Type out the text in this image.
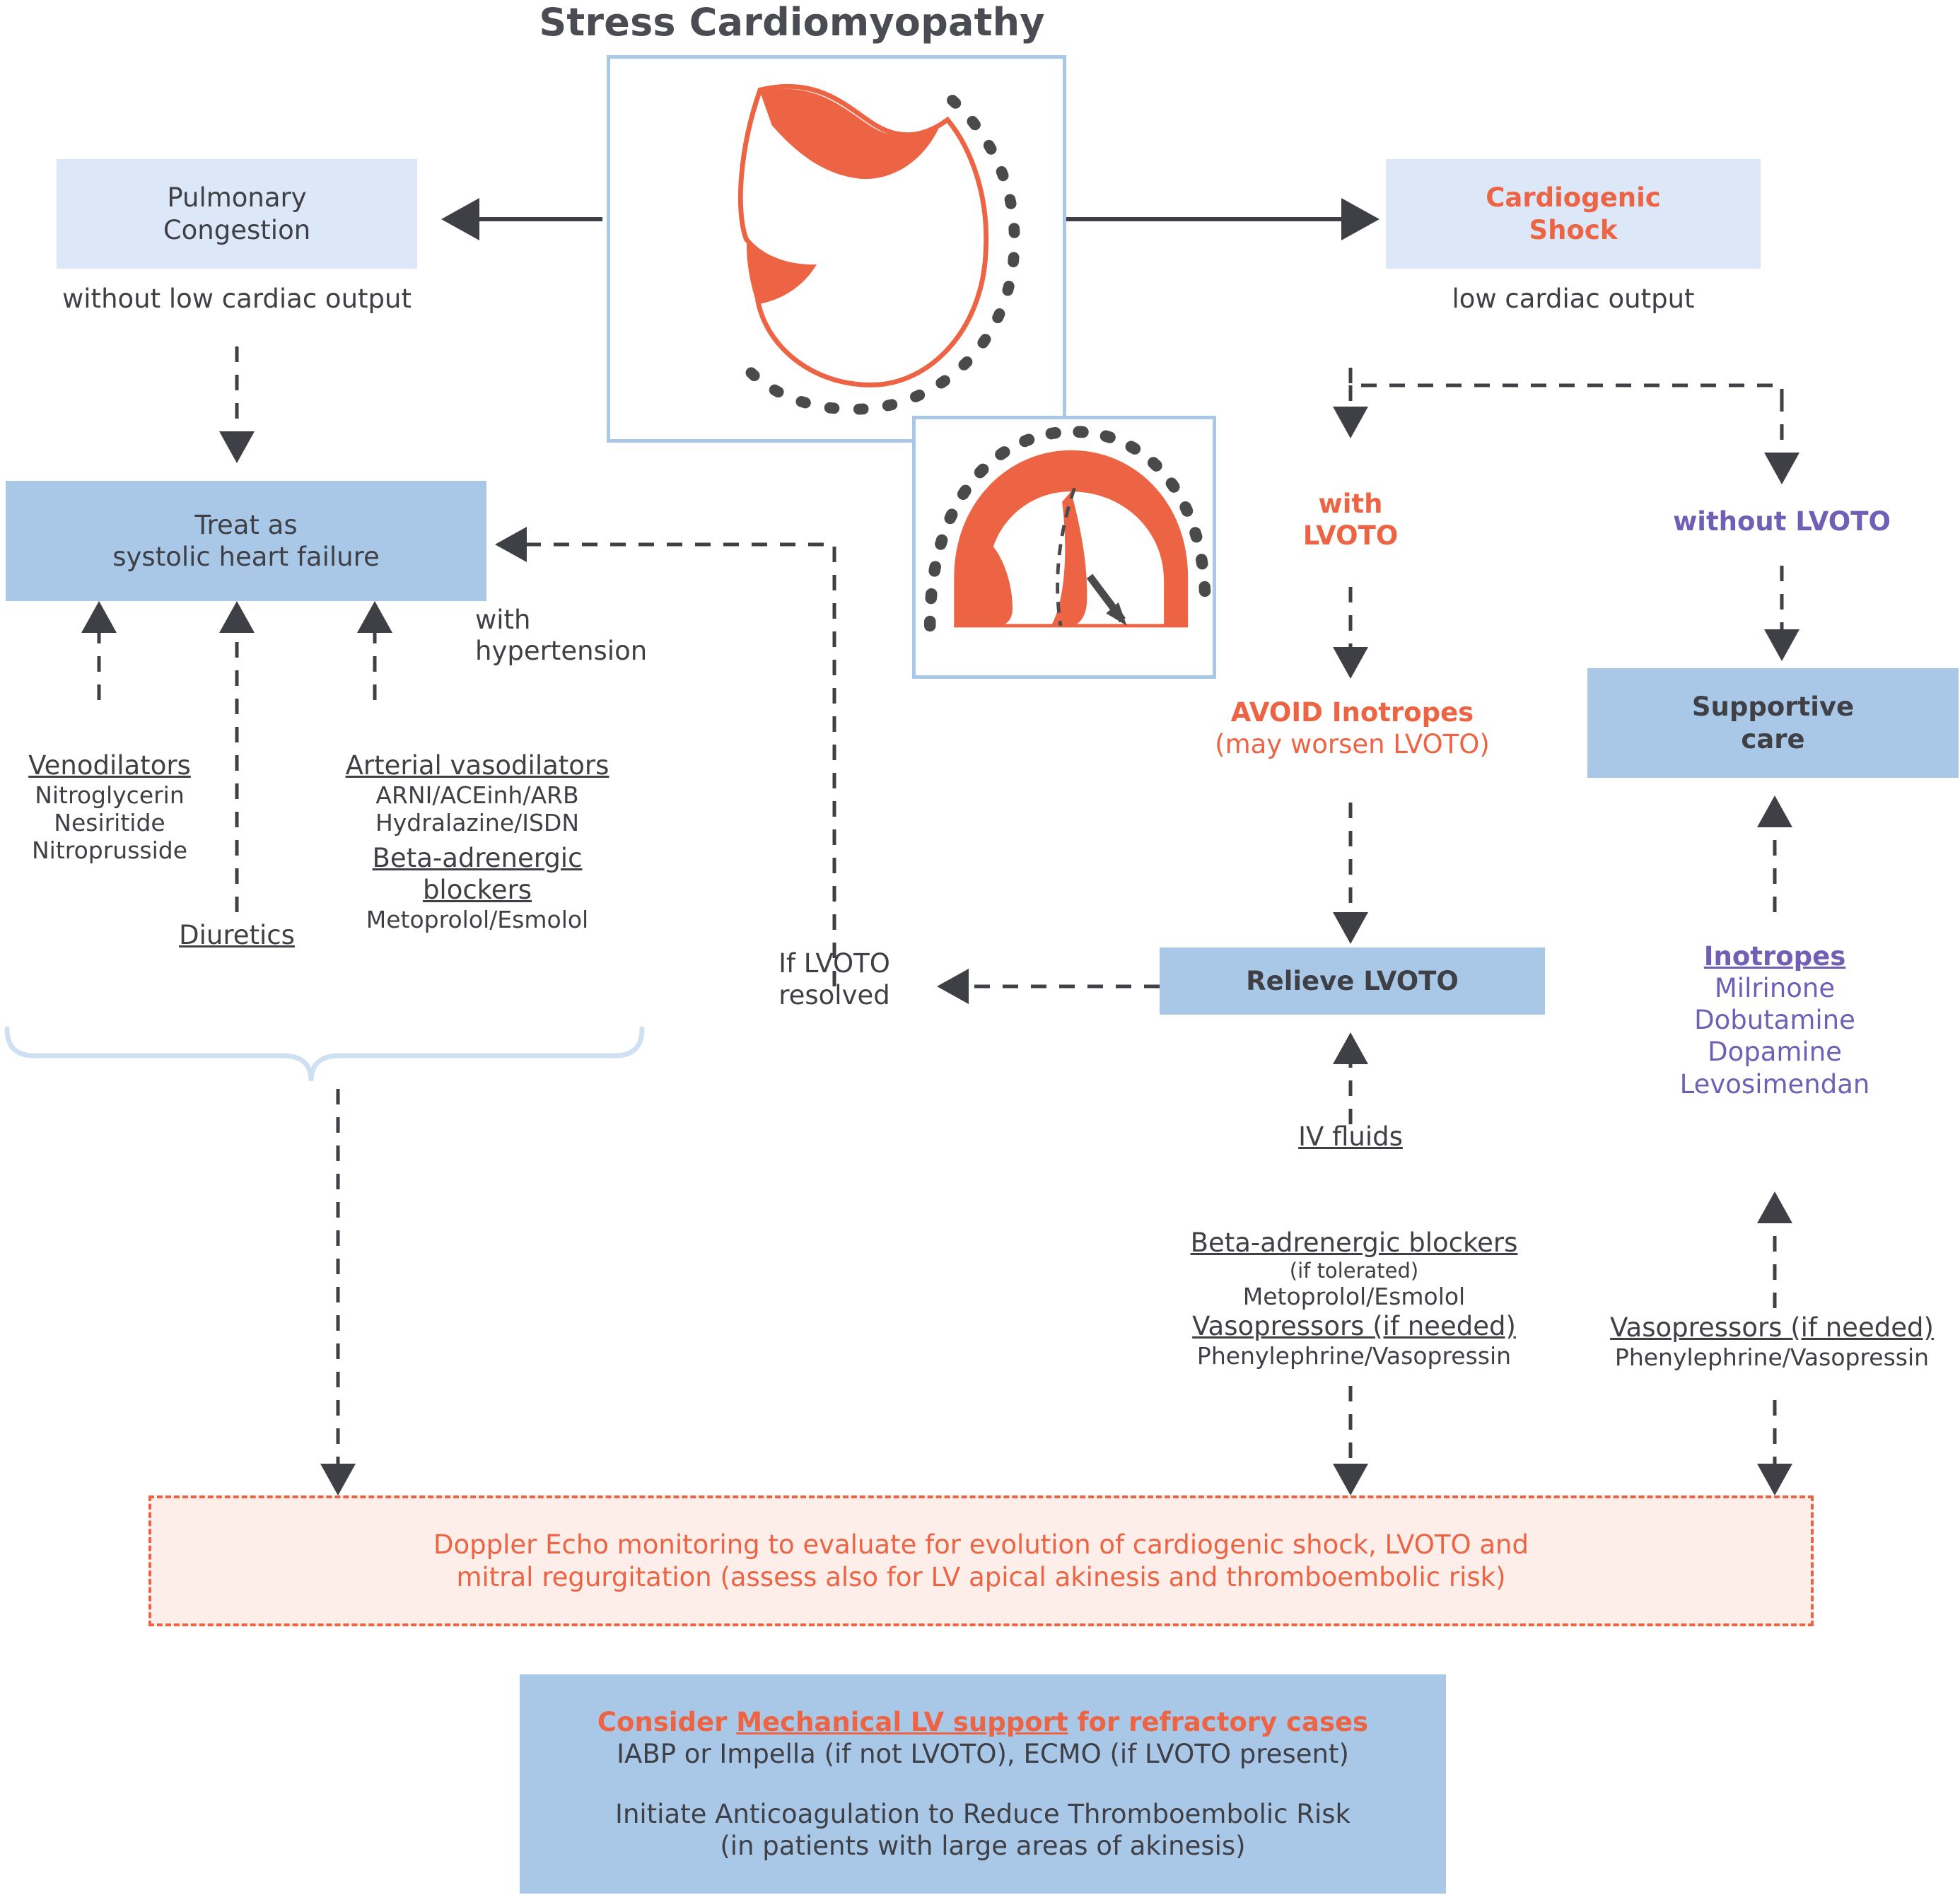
Stress Cardiomyopathy
Pulmonary
Congestion
without low cardiac output
Cardiogenic
Shock
low cardiac output
Treat as
systolic heart failure
with
hypertension
Venodilators
Nitroglycerin
Nesiritide
Nitroprusside
Diuretics
Arterial vasodilators
ARNI/ACEinh/ARB
Hydralazine/ISDN
Beta-adrenergic
blockers
Metoprolol/Esmolol
If LVOTO
resolved
with
LVOTO	without LVOTO
AVOID Inotropes
(may worsen LVOTO)
Supportive
care
Relieve LVOTO
IV fluids
Beta-adrenergic blockers
(if tolerated)
Metoprolol/Esmolol
Vasopressors (if needed)
Phenylephrine/Vasopressin
Inotropes
Milrinone
Dobutamine
Dopamine
Levosimendan
Vasopressors (if needed)
Phenylephrine/Vasopressin
Doppler Echo monitoring to evaluate for evolution of cardiogenic shock, LVOTO and
mitral regurgitation (assess also for LV apical akinesis and thromboembolic risk)
Consider Mechanical LV support for refractory cases
IABP or Impella (if not LVOTO), ECMO (if LVOTO present)
Initiate Anticoagulation to Reduce Thromboembolic Risk
(in patients with large areas of akinesis)
